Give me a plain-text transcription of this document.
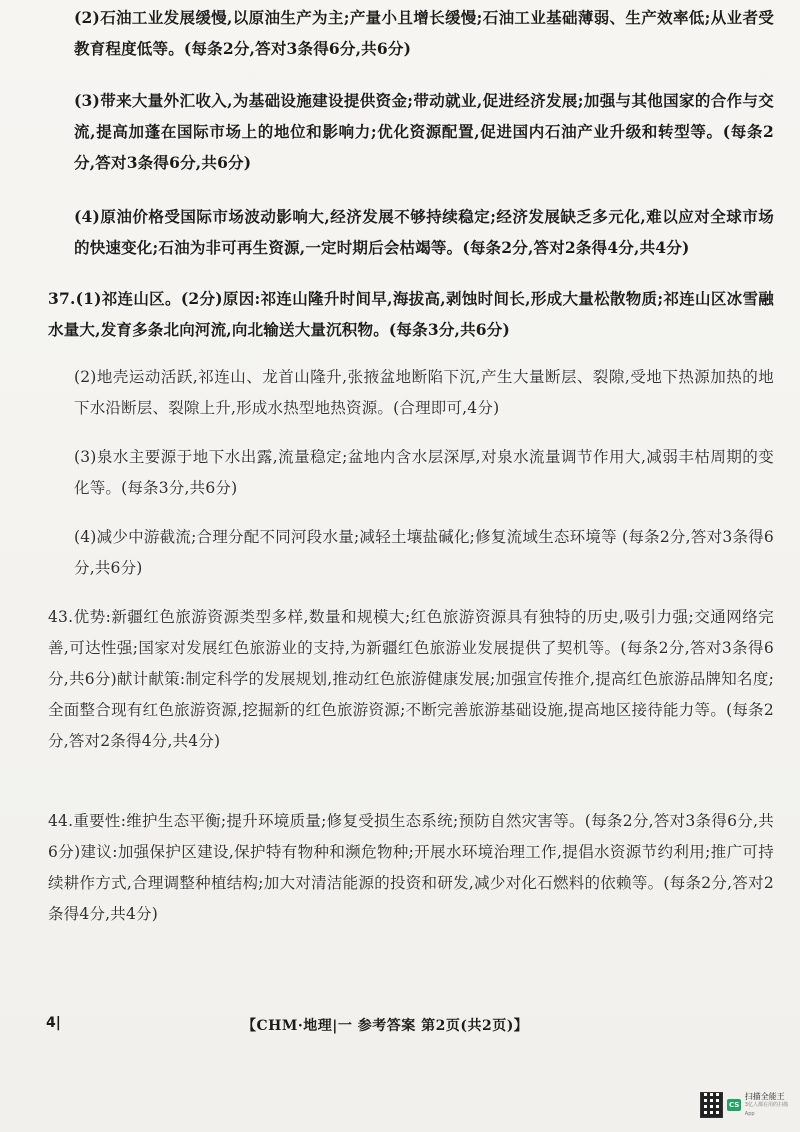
(2)石油工业发展缓慢,以原油生产为主;产量小且增长缓慢;石油工业基础薄弱、生产效率低;从业者受教育程度低等。(每条2分,答对3条得6分,共6分)
(3)带来大量外汇收入,为基础设施建设提供资金;带动就业,促进经济发展;加强与其他国家的合作与交流,提高加蓬在国际市场上的地位和影响力;优化资源配置,促进国内石油产业升级和转型等。(每条2分,答对3条得6分,共6分)
(4)原油价格受国际市场波动影响大,经济发展不够持续稳定;经济发展缺乏多元化,难以应对全球市场的快速变化;石油为非可再生资源,一定时期后会枯竭等。(每条2分,答对2条得4分,共4分)
37.(1)祁连山区。(2分)原因:祁连山隆升时间早,海拔高,剥蚀时间长,形成大量松散物质;祁连山区冰雪融水量大,发育多条北向河流,向北输送大量沉积物。(每条3分,共6分)
(2)地壳运动活跃,祁连山、龙首山隆升,张掖盆地断陷下沉,产生大量断层、裂隙,受地下热源加热的地下水沿断层、裂隙上升,形成水热型地热资源。(合理即可,4分)
(3)泉水主要源于地下水出露,流量稳定;盆地内含水层深厚,对泉水流量调节作用大,减弱丰枯周期的变化等。(每条3分,共6分)
(4)减少中游截流;合理分配不同河段水量;减轻土壤盐碱化;修复流域生态环境等 (每条2分,答对3条得6分,共6分)
43.优势:新疆红色旅游资源类型多样,数量和规模大;红色旅游资源具有独特的历史,吸引力强;交通网络完善,可达性强;国家对发展红色旅游业的支持,为新疆红色旅游业发展提供了契机等。(每条2分,答对3条得6分,共6分)献计献策:制定科学的发展规划,推动红色旅游健康发展;加强宣传推介,提高红色旅游品牌知名度;全面整合现有红色旅游资源,挖掘新的红色旅游资源;不断完善旅游基础设施,提高地区接待能力等。(每条2分,答对2条得4分,共4分)
44.重要性:维护生态平衡;提升环境质量;修复受损生态系统;预防自然灾害等。(每条2分,答对3条得6分,共6分)建议:加强保护区建设,保护特有物种和濒危物种;开展水环境治理工作,提倡水资源节约利用;推广可持续耕作方式,合理调整种植结构;加大对清洁能源的投资和研发,减少对化石燃料的依赖等。(每条2分,答对2条得4分,共4分)
4|	【CHM·地理|一 参考答案 第2页(共2页)】
CS
扫描全能王
3亿人都在用的扫描App
